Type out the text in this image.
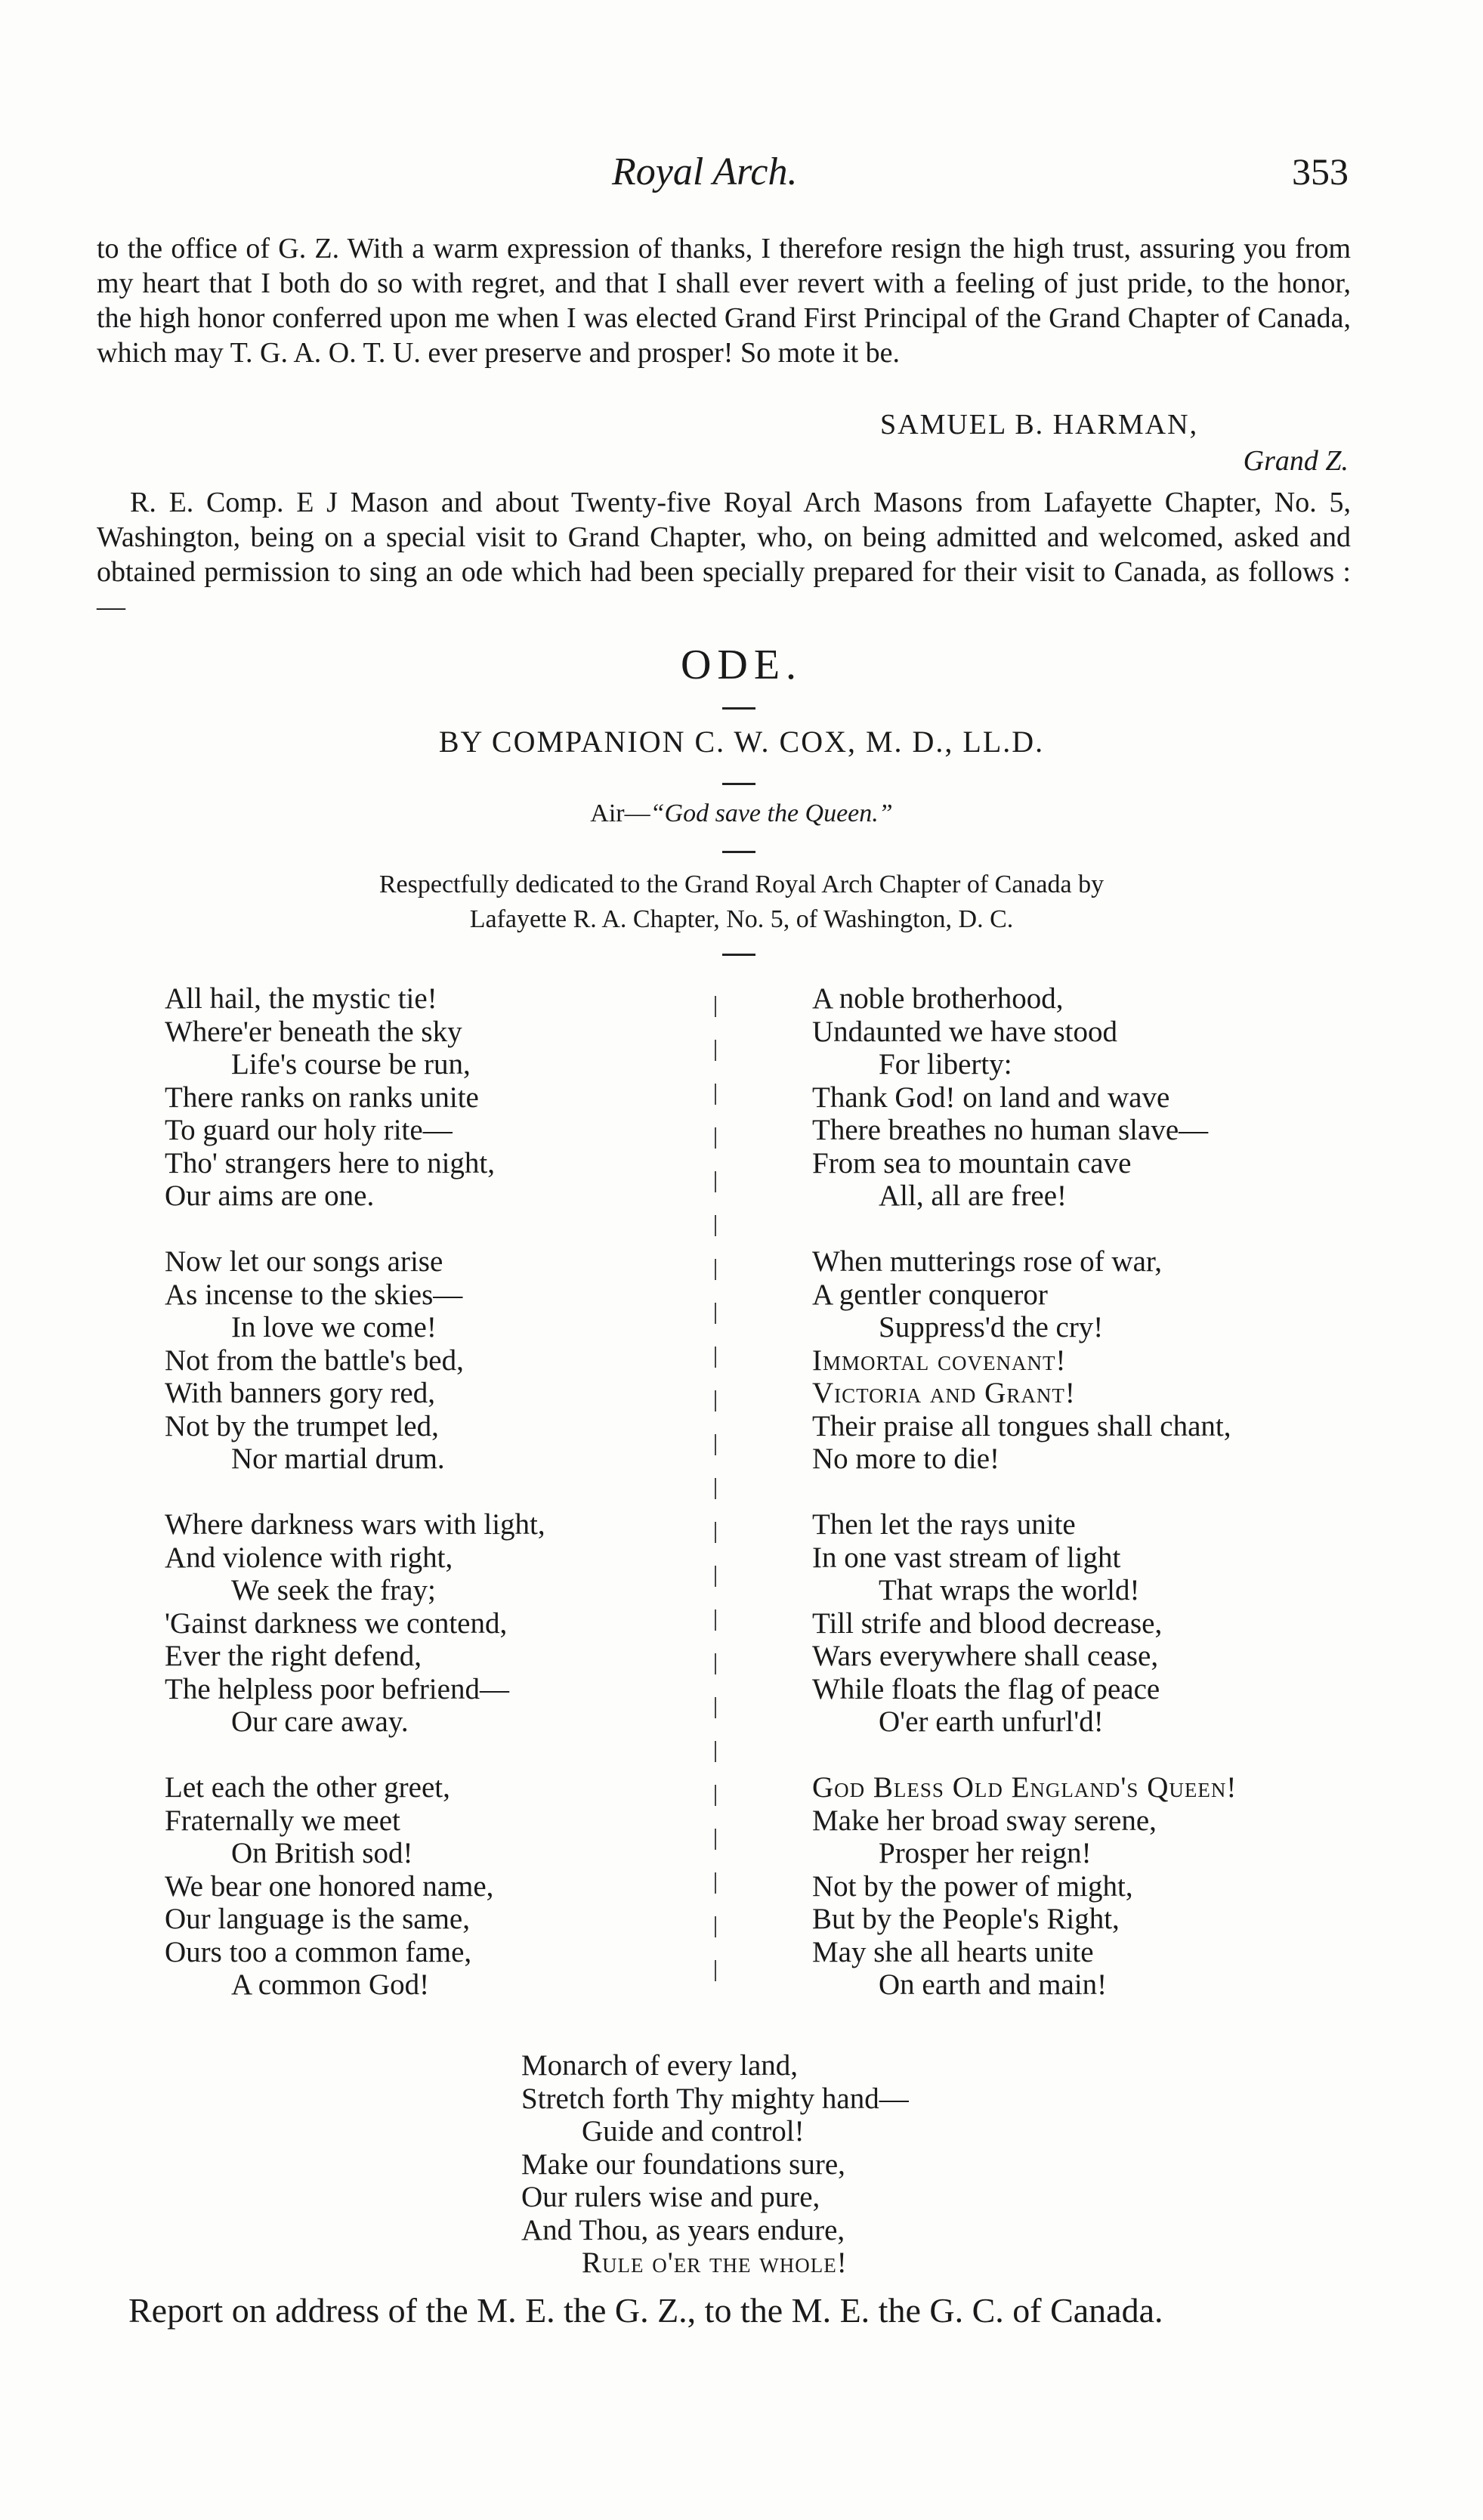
Royal Arch.	353

to the office of G. Z. With a warm expression of thanks, I therefore resign the high trust, assuring you from my heart that I both do so with regret, and that I shall ever revert with a feeling of just pride, to the honor, the high honor conferred upon me when I was elected Grand First Principal of the Grand Chapter of Canada, which may T. G. A. O. T. U. ever preserve and prosper! So mote it be.

SAMUEL B. HARMAN,
Grand Z.

R. E. Comp. E J Mason and about Twenty-five Royal Arch Masons from Lafayette Chapter, No. 5, Washington, being on a special visit to Grand Chapter, who, on being admitted and welcomed, asked and obtained permission to sing an ode which had been specially prepared for their visit to Canada, as follows :—

ODE.
BY COMPANION C. W. COX, M. D., LL.D.
Air—“God save the Queen.”
Respectfully dedicated to the Grand Royal Arch Chapter of Canada by
Lafayette R. A. Chapter, No. 5, of Washington, D. C.
All hail, the mystic tie!
Where'er beneath the sky
Life's course be run,
There ranks on ranks unite
To guard our holy rite—
Tho' strangers here to night,
Our aims are one.
Now let our songs arise
As incense to the skies—
In love we come!
Not from the battle's bed,
With banners gory red,
Not by the trumpet led,
Nor martial drum.
Where darkness wars with light,
And violence with right,
We seek the fray;
'Gainst darkness we contend,
Ever the right defend,
The helpless poor befriend—
Our care away.
Let each the other greet,
Fraternally we meet
On British sod!
We bear one honored name,
Our language is the same,
Ours too a common fame,
A common God!
A noble brotherhood,
Undaunted we have stood
For liberty:
Thank God! on land and wave
There breathes no human slave—
From sea to mountain cave
All, all are free!
When mutterings rose of war,
A gentler conqueror
Suppress'd the cry!
Immortal covenant!
Victoria and Grant!
Their praise all tongues shall chant,
No more to die!
Then let the rays unite
In one vast stream of light
That wraps the world!
Till strife and blood decrease,
Wars everywhere shall cease,
While floats the flag of peace
O'er earth unfurl'd!
God Bless Old England's Queen!
Make her broad sway serene,
Prosper her reign!
Not by the power of might,
But by the People's Right,
May she all hearts unite
On earth and main!
Monarch of every land,
Stretch forth Thy mighty hand—
Guide and control!
Make our foundations sure,
Our rulers wise and pure,
And Thou, as years endure,
Rule o'er the whole!
Report on address of the M. E. the G. Z., to the M. E. the G. C. of Canada.
